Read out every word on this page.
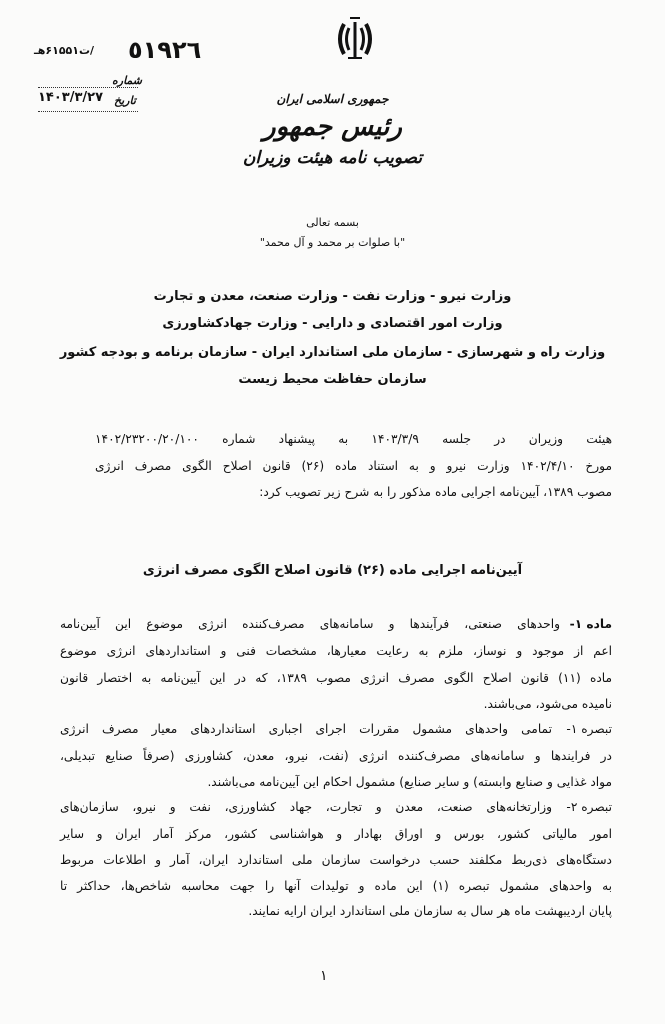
٥١٩٢٦
/ت۶۱۵۵۱هـ
شماره
۱۴۰۳/۳/۲۷ تاریخ	جمهوری اسلامی ایران
رئیس جمهور
تصویب نامه هیئت وزیران
بسمه تعالی
"با صلوات بر محمد و آل محمد"
وزارت نیرو - وزارت نفت - وزارت صنعت، معدن و تجارت
وزارت امور اقتصادی و دارایی - وزارت جهادکشاورزی
وزارت راه و شهرسازی - سازمان ملی استاندارد ایران - سازمان برنامه و بودجه کشور
سازمان حفاظت محیط زیست
هیئت وزیران در جلسه ۱۴۰۳/۳/۹ به پیشنهاد شماره ۱۴۰۲/۲۳۲۰۰/۲۰/۱۰۰
مورخ ۱۴۰۲/۴/۱۰ وزارت نیرو و به استناد ماده (۲۶) قانون اصلاح الگوی مصرف انرژی
مصوب ۱۳۸۹، آیین‌نامه اجرایی ماده مذکور را به شرح زیر تصویب کرد:
آیین‌نامه اجرایی ماده (۲۶) قانون اصلاح الگوی مصرف انرژی
ماده ۱-
واحدهای صنعتی، فرآیندها و سامانه‌های مصرف‌کننده انرژی موضوع این آیین‌نامه
اعم از موجود و نوساز، ملزم به رعایت معیارها، مشخصات فنی و استانداردهای انرژی موضوع
ماده (۱۱) قانون اصلاح الگوی مصرف انرژی مصوب ۱۳۸۹، که در این آیین‌نامه به اختصار قانون
نامیده می‌شود، می‌باشند.
تبصره ۱-
تمامی واحدهای مشمول مقررات اجرای اجباری استانداردهای معیار مصرف انرژی
در فرایندها و سامانه‌های مصرف‌کننده انرژی (نفت، نیرو، معدن، کشاورزی (صرفاً صنایع تبدیلی،
مواد غذایی و صنایع وابسته) و سایر صنایع) مشمول احکام این آیین‌نامه می‌باشند.
تبصره ۲-
وزارتخانه‌های صنعت، معدن و تجارت، جهاد کشاورزی، نفت و نیرو، سازمان‌های
امور مالیاتی کشور، بورس و اوراق بهادار و هواشناسی کشور، مرکز آمار ایران و سایر
دستگاه‌های ذی‌ربط مکلفند حسب درخواست سازمان ملی استاندارد ایران، آمار و اطلاعات مربوط
به واحدهای مشمول تبصره (۱) این ماده و تولیدات آنها را جهت محاسبه شاخص‌ها، حداکثر تا
پایان اردیبهشت ماه هر سال به سازمان ملی استاندارد ایران ارایه نمایند.
۱
